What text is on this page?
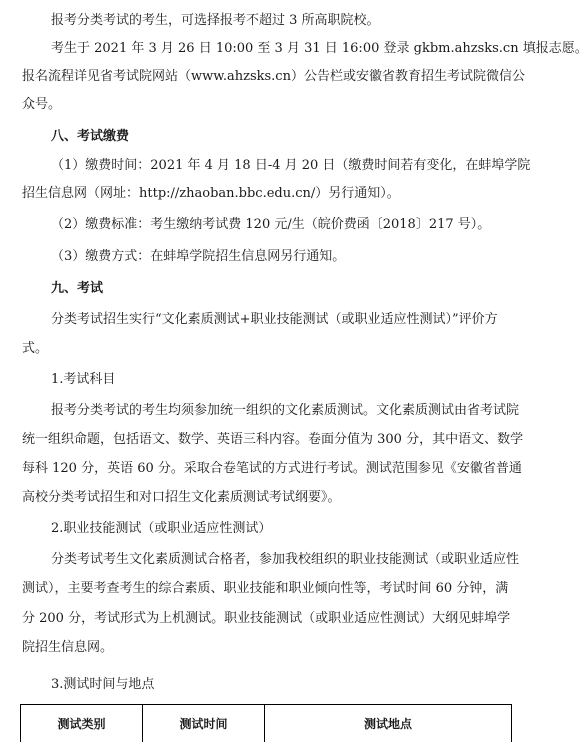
报考分类考试的考生，可选择报考不超过 3 所高职院校。
考生于 2021 年 3 月 26 日 10:00 至 3 月 31 日 16:00 登录 gkbm.ahzsks.cn 填报志愿。
报名流程详见省考试院网站（www.ahzsks.cn）公告栏或安徽省教育招生考试院微信公
众号。
八、考试缴费
（1）缴费时间：2021 年 4 月 18 日-4 月 20 日（缴费时间若有变化，在蚌埠学院
招生信息网（网址：http://zhaoban.bbc.edu.cn/）另行通知）。
（2）缴费标准：考生缴纳考试费 120 元/生（皖价费函〔2018〕217 号）。
（3）缴费方式：在蚌埠学院招生信息网另行通知。
九、考试
分类考试招生实行“文化素质测试+职业技能测试（或职业适应性测试）”评价方
式。
1.考试科目
报考分类考试的考生均须参加统一组织的文化素质测试。文化素质测试由省考试院
统一组织命题，包括语文、数学、英语三科内容。卷面分值为 300 分，其中语文、数学
每科 120 分，英语 60 分。采取合卷笔试的方式进行考试。测试范围参见《安徽省普通
高校分类考试招生和对口招生文化素质测试考试纲要》。
2.职业技能测试（或职业适应性测试）
分类考试考生文化素质测试合格者，参加我校组织的职业技能测试（或职业适应性
测试），主要考查考生的综合素质、职业技能和职业倾向性等，考试时间 60 分钟，满
分 200 分，考试形式为上机测试。职业技能测试（或职业适应性测试）大纲见蚌埠学
院招生信息网。
3.测试时间与地点
测试类别	测试时间	测试地点
